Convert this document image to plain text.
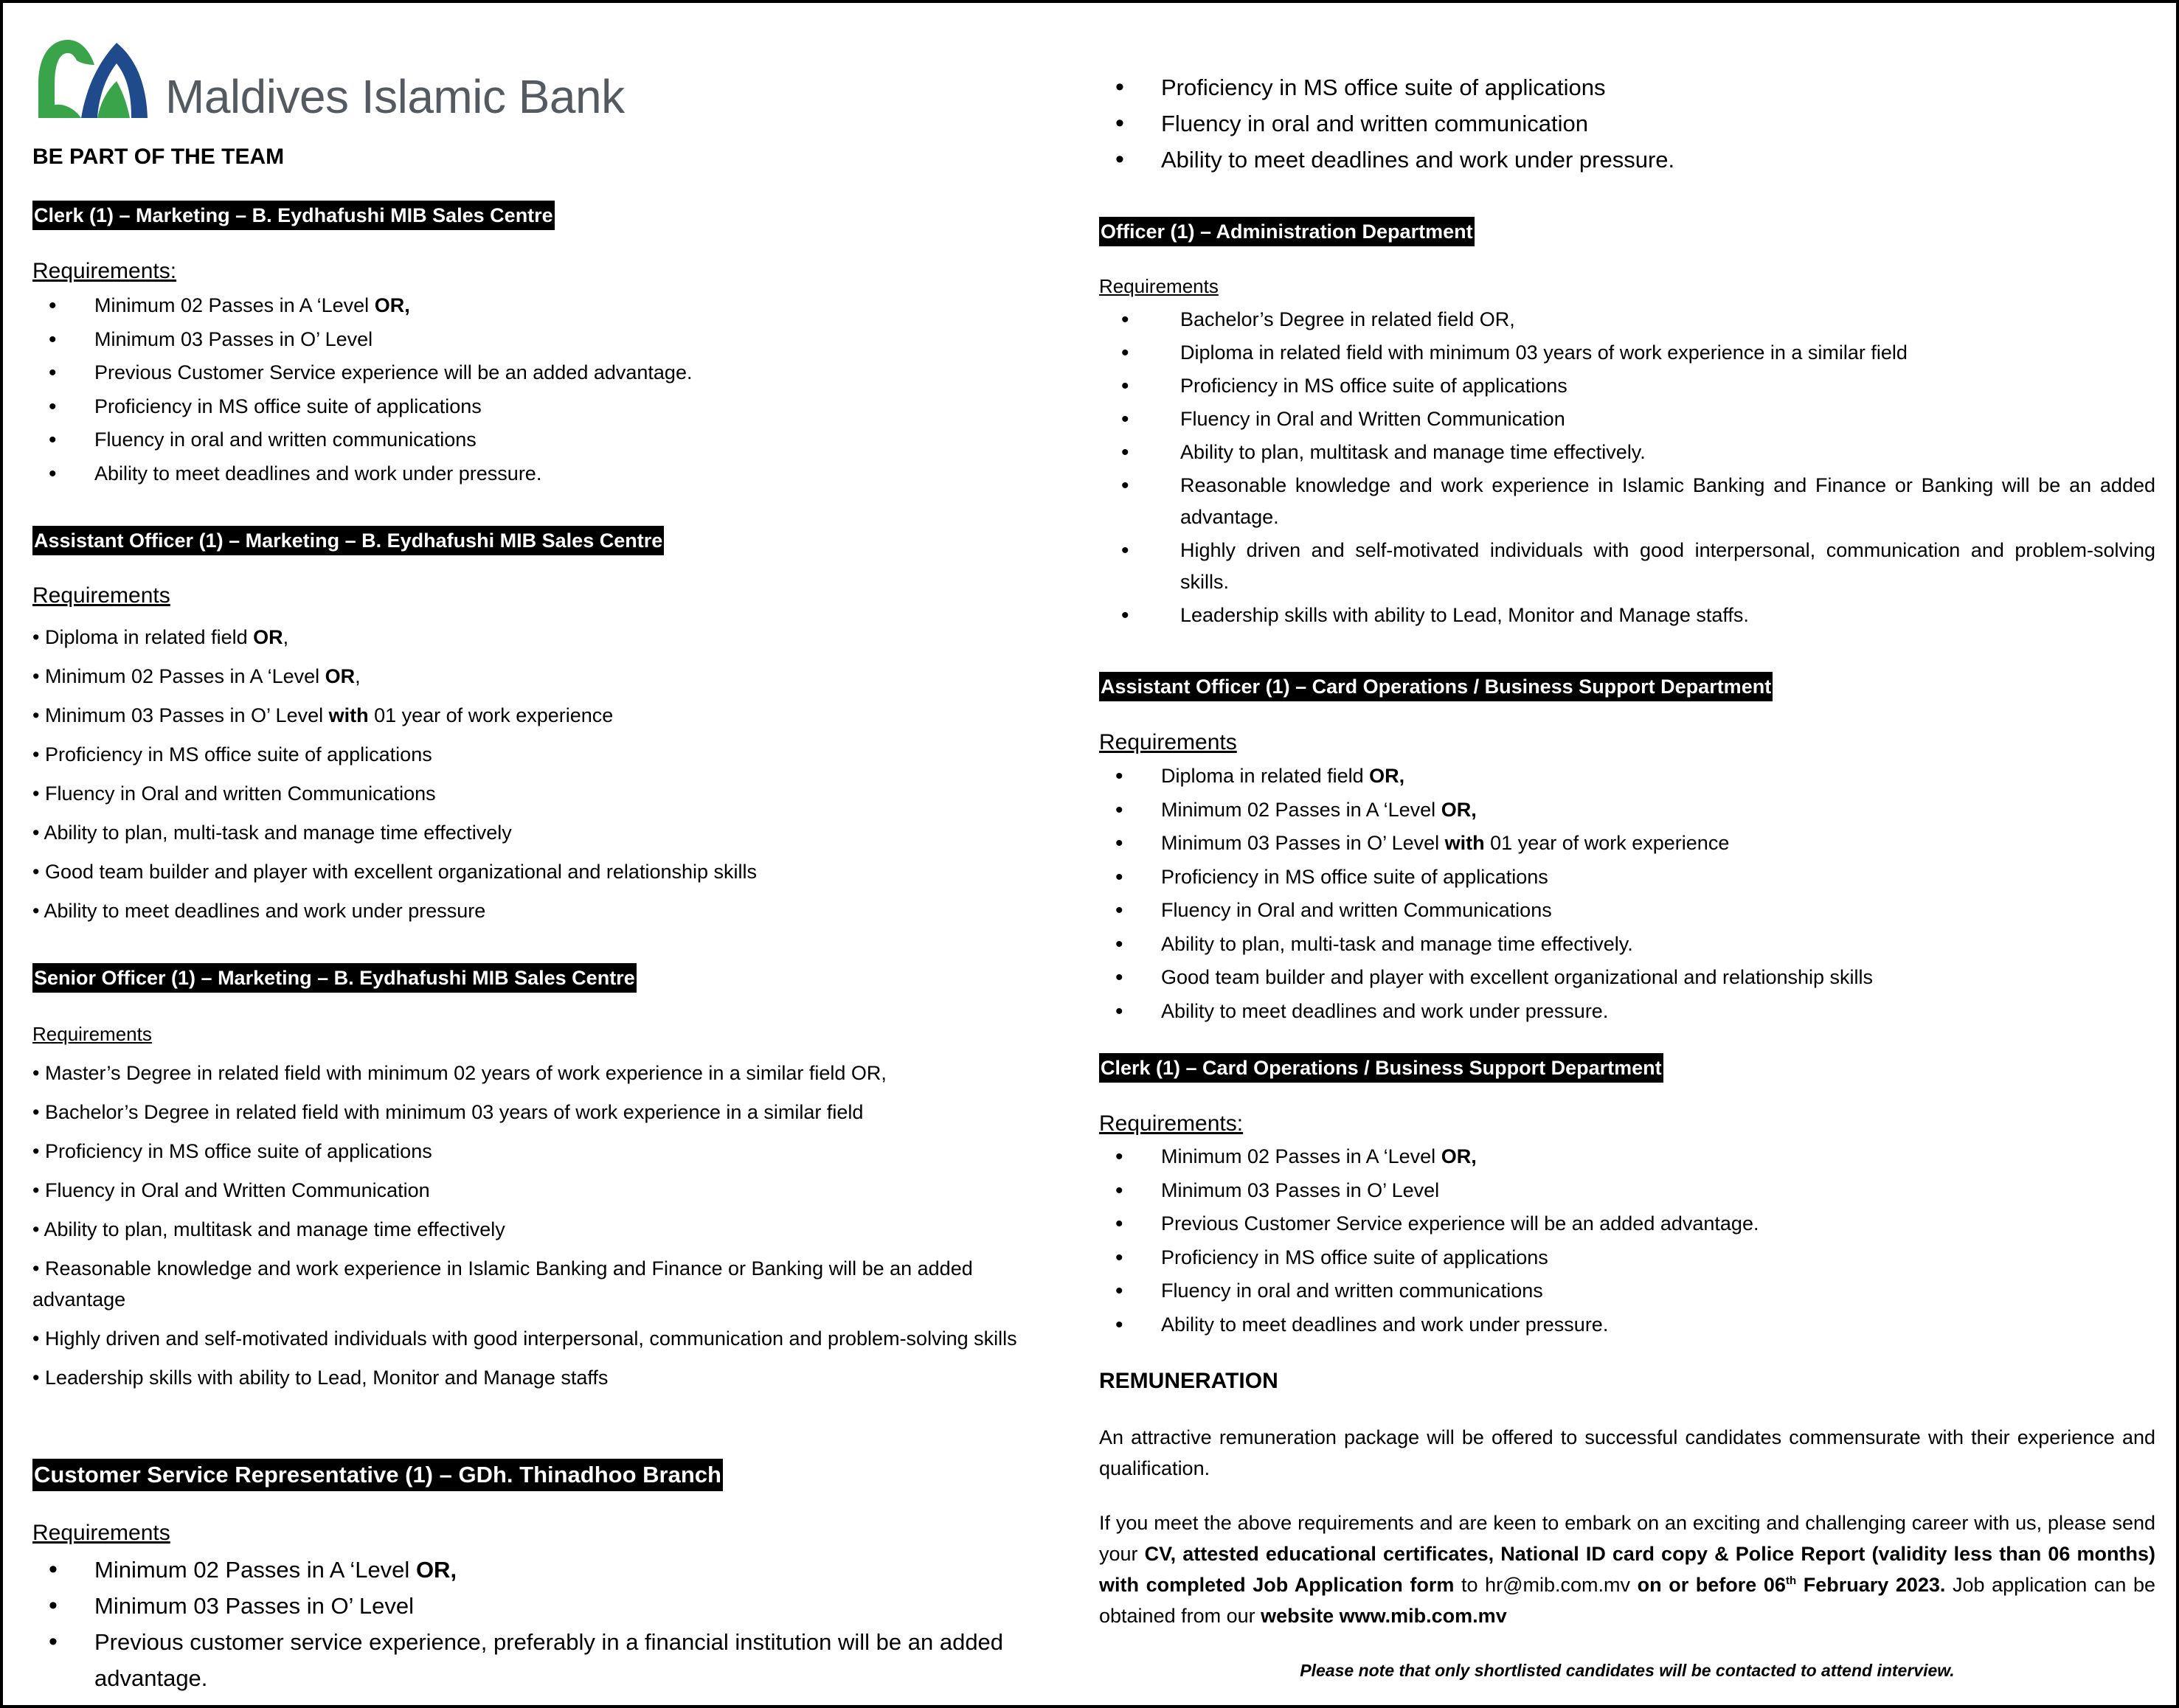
Maldives Islamic Bank
BE PART OF THE TEAM
Clerk (1) – Marketing – B. Eydhafushi MIB Sales Centre
Requirements:
• Minimum 02 Passes in A ‘Level OR,
• Minimum 03 Passes in O’ Level
• Previous Customer Service experience will be an added advantage.
• Proficiency in MS office suite of applications
• Fluency in oral and written communications
• Ability to meet deadlines and work under pressure.
Assistant Officer (1) – Marketing – B. Eydhafushi MIB Sales Centre
Requirements
• Diploma in related field OR,
• Minimum 02 Passes in A ‘Level OR,
• Minimum 03 Passes in O’ Level with 01 year of work experience
• Proficiency in MS office suite of applications
• Fluency in Oral and written Communications
• Ability to plan, multi-task and manage time effectively
• Good team builder and player with excellent organizational and relationship skills
• Ability to meet deadlines and work under pressure
Senior Officer (1) – Marketing – B. Eydhafushi MIB Sales Centre
Requirements
• Master’s Degree in related field with minimum 02 years of work experience in a similar field OR,
• Bachelor’s Degree in related field with minimum 03 years of work experience in a similar field
• Proficiency in MS office suite of applications
• Fluency in Oral and Written Communication
• Ability to plan, multitask and manage time effectively
• Reasonable knowledge and work experience in Islamic Banking and Finance or Banking will be an added advantage
• Highly driven and self-motivated individuals with good interpersonal, communication and problem-solving skills
• Leadership skills with ability to Lead, Monitor and Manage staffs
Customer Service Representative (1) – GDh. Thinadhoo Branch
Requirements
• Minimum 02 Passes in A ‘Level OR,
• Minimum 03 Passes in O’ Level
• Previous customer service experience, preferably in a financial institution will be an added advantage.
• Proficiency in MS office suite of applications
• Fluency in oral and written communication
• Ability to meet deadlines and work under pressure.
Officer (1) – Administration Department
Requirements
• Bachelor’s Degree in related field OR,
• Diploma in related field with minimum 03 years of work experience in a similar field
• Proficiency in MS office suite of applications
• Fluency in Oral and Written Communication
• Ability to plan, multitask and manage time effectively.
• Reasonable knowledge and work experience in Islamic Banking and Finance or Banking will be an added advantage.
• Highly driven and self-motivated individuals with good interpersonal, communication and problem-solving skills.
• Leadership skills with ability to Lead, Monitor and Manage staffs.
Assistant Officer (1) – Card Operations / Business Support Department
Requirements
• Diploma in related field OR,
• Minimum 02 Passes in A ‘Level OR,
• Minimum 03 Passes in O’ Level with 01 year of work experience
• Proficiency in MS office suite of applications
• Fluency in Oral and written Communications
• Ability to plan, multi-task and manage time effectively.
• Good team builder and player with excellent organizational and relationship skills
• Ability to meet deadlines and work under pressure.
Clerk (1) – Card Operations / Business Support Department
Requirements:
• Minimum 02 Passes in A ‘Level OR,
• Minimum 03 Passes in O’ Level
• Previous Customer Service experience will be an added advantage.
• Proficiency in MS office suite of applications
• Fluency in oral and written communications
• Ability to meet deadlines and work under pressure.
REMUNERATION
An attractive remuneration package will be offered to successful candidates commensurate with their experience and qualification.
If you meet the above requirements and are keen to embark on an exciting and challenging career with us, please send your CV, attested educational certificates, National ID card copy & Police Report (validity less than 06 months) with completed Job Application form to hr@mib.com.mv on or before 06th February 2023. Job application can be obtained from our website www.mib.com.mv
Please note that only shortlisted candidates will be contacted to attend interview.
